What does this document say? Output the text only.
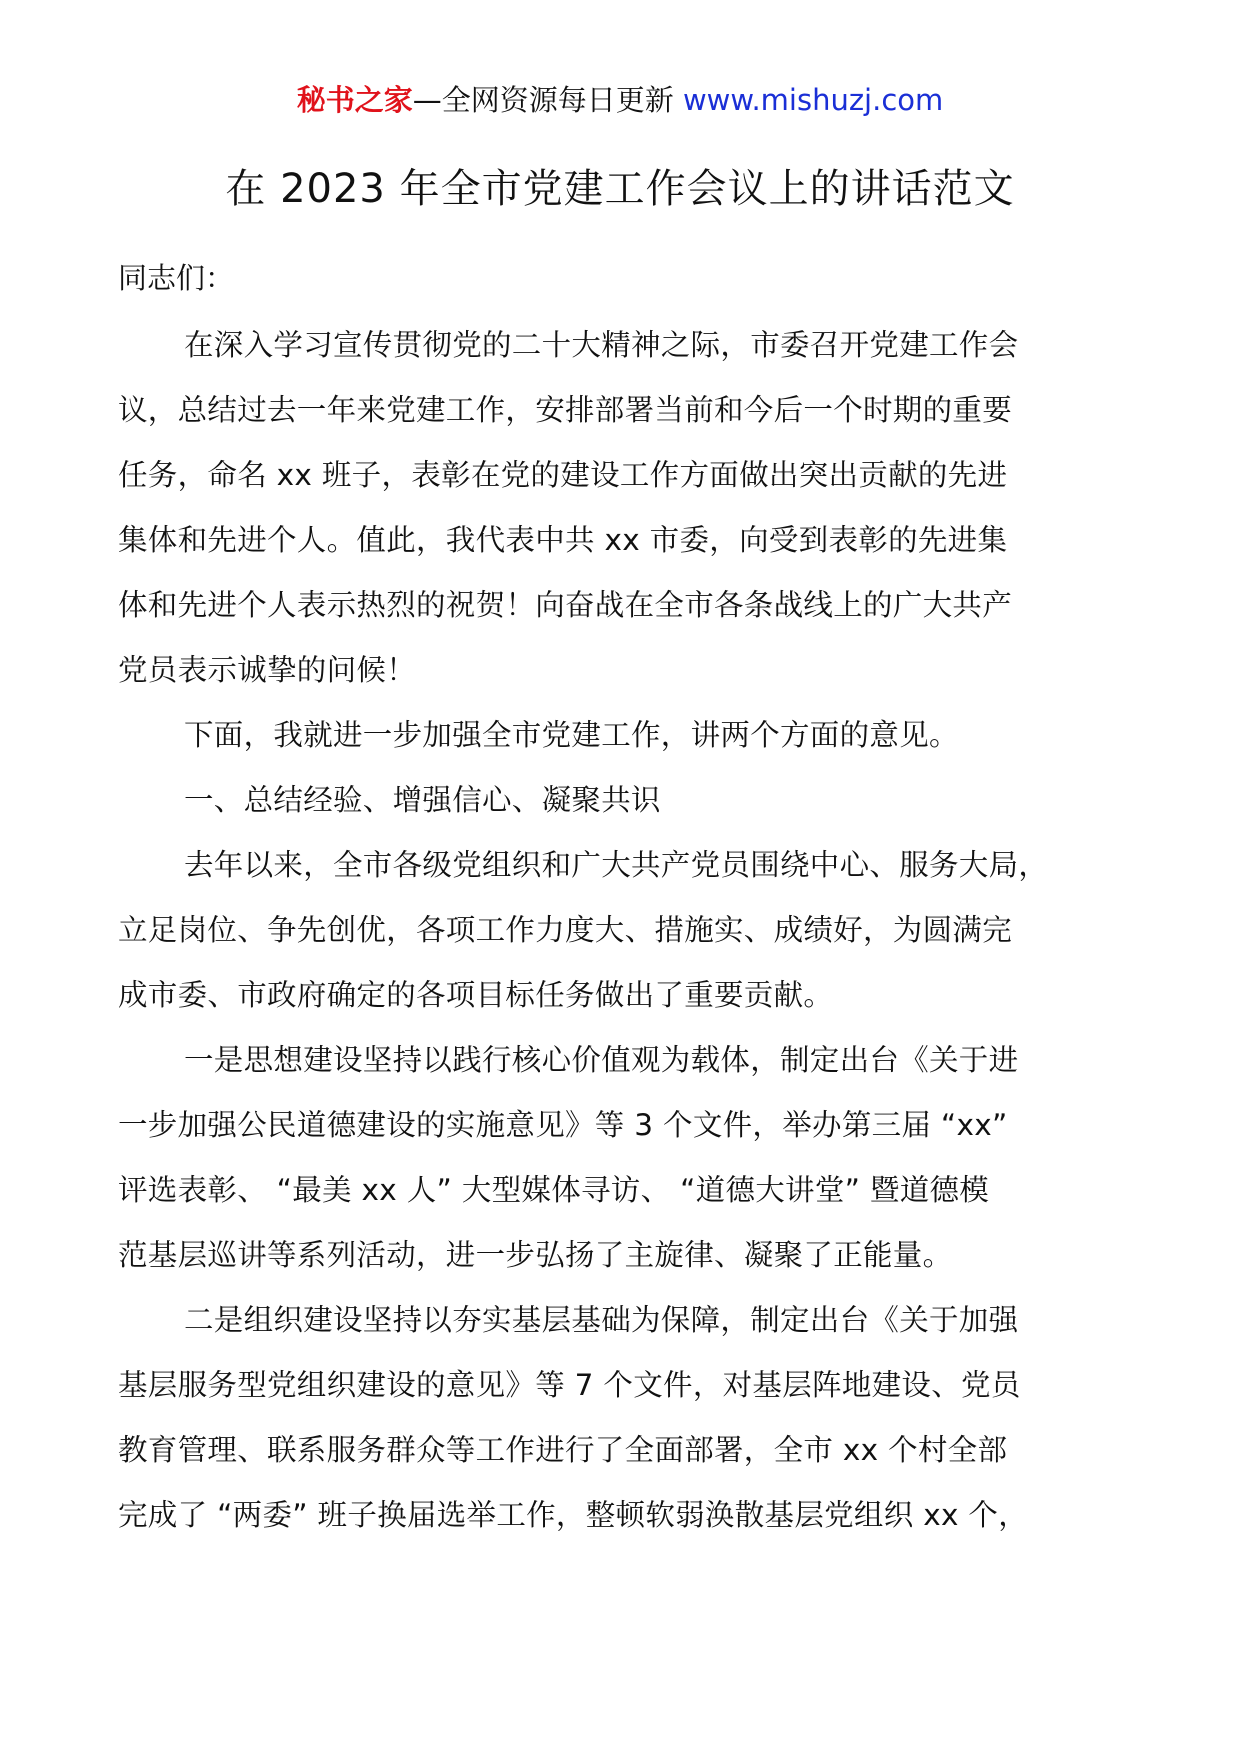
秘书之家—全网资源每日更新 www.mishuzj.com
在 2023 年全市党建工作会议上的讲话范文
同志们：
在深入学习宣传贯彻党的二十大精神之际，市委召开党建工作会
议，总结过去一年来党建工作，安排部署当前和今后一个时期的重要
任务，命名 xx 班子，表彰在党的建设工作方面做出突出贡献的先进
集体和先进个人。值此，我代表中共 xx 市委，向受到表彰的先进集
体和先进个人表示热烈的祝贺！向奋战在全市各条战线上的广大共产
党员表示诚挚的问候！
下面，我就进一步加强全市党建工作，讲两个方面的意见。
一、总结经验、增强信心、凝聚共识
去年以来，全市各级党组织和广大共产党员围绕中心、服务大局，
立足岗位、争先创优，各项工作力度大、措施实、成绩好，为圆满完
成市委、市政府确定的各项目标任务做出了重要贡献。
一是思想建设坚持以践行核心价值观为载体，制定出台《关于进
一步加强公民道德建设的实施意见》等 3 个文件，举办第三届 “xx”
评选表彰、 “最美 xx 人” 大型媒体寻访、 “道德大讲堂” 暨道德模
范基层巡讲等系列活动，进一步弘扬了主旋律、凝聚了正能量。
二是组织建设坚持以夯实基层基础为保障，制定出台《关于加强
基层服务型党组织建设的意见》等 7 个文件，对基层阵地建设、党员
教育管理、联系服务群众等工作进行了全面部署，全市 xx 个村全部
完成了 “两委” 班子换届选举工作，整顿软弱涣散基层党组织 xx 个，
